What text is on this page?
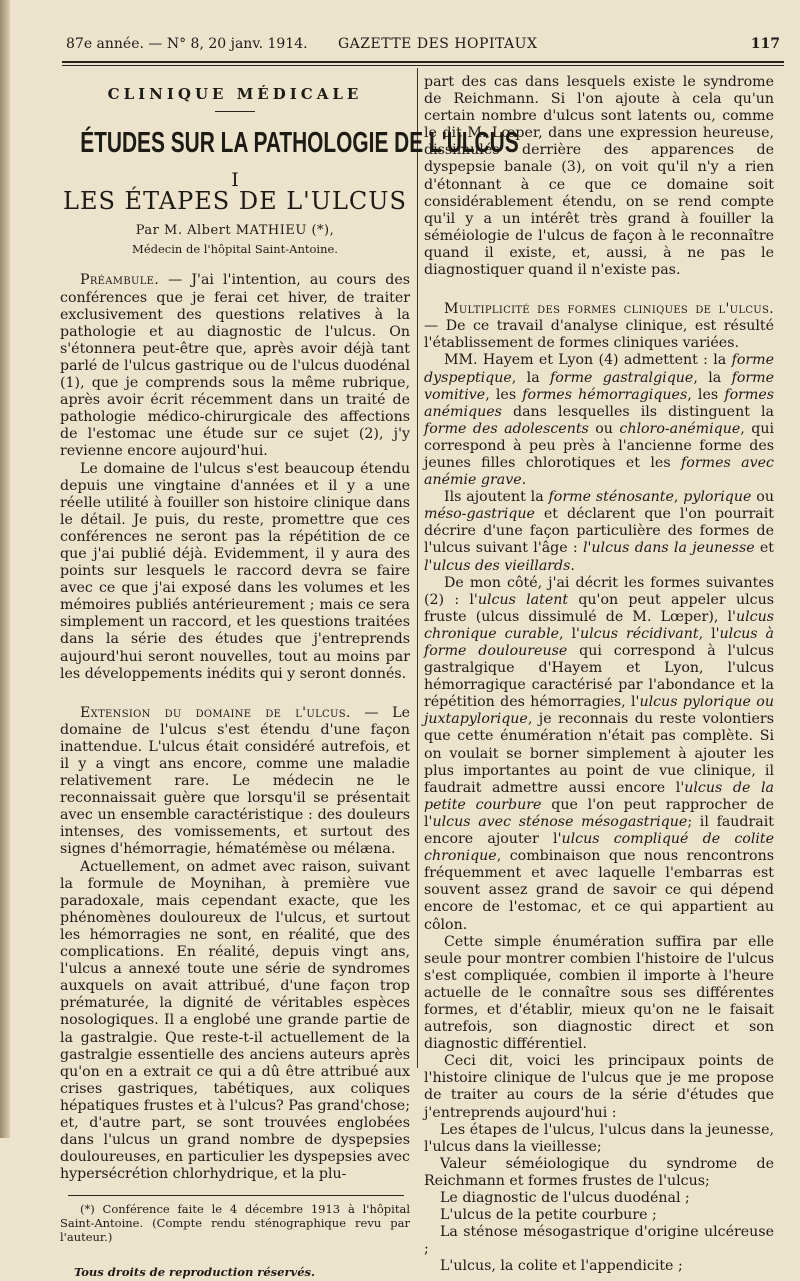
87e année. — N° 8, 20 janv. 1914. GAZETTE DES HOPITAUX	117
CLINIQUE MÉDICALE
ÉTUDES SUR LA PATHOLOGIE DE L'ULCUS
I
LES ÉTAPES DE L'ULCUS
Par M. Albert MATHIEU (*),
Médecin de l'hôpital Saint-Antoine.

Préambule. — J'ai l'intention, au cours des conférences que je ferai cet hiver, de traiter exclusivement des questions relatives à la pathologie et au diagnostic de l'ulcus. On s'étonnera peut-être que, après avoir déjà tant parlé de l'ulcus gastrique ou de l'ulcus duodénal (1), que je comprends sous la même rubrique, après avoir écrit récemment dans un traité de pathologie médico-chirurgicale des affections de l'estomac une étude sur ce sujet (2), j'y revienne encore aujourd'hui.

Le domaine de l'ulcus s'est beaucoup étendu depuis une vingtaine d'années et il y a une réelle utilité à fouiller son histoire clinique dans le détail. Je puis, du reste, promettre que ces conférences ne seront pas la répétition de ce que j'ai publié déjà. Evidemment, il y aura des points sur lesquels le raccord devra se faire avec ce que j'ai exposé dans les volumes et les mémoires publiés antérieurement ; mais ce sera simplement un raccord, et les questions traitées dans la série des études que j'entreprends aujourd'hui seront nouvelles, tout au moins par les développements inédits qui y seront donnés.

Extension du domaine de l'ulcus. — Le domaine de l'ulcus s'est étendu d'une façon inattendue. L'ulcus était considéré autrefois, et il y a vingt ans encore, comme une maladie relativement rare. Le médecin ne le reconnaissait guère que lorsqu'il se présentait avec un ensemble caractéristique : des douleurs intenses, des vomissements, et surtout des signes d'hémorragie, hématémèse ou mélæna.

Actuellement, on admet avec raison, suivant la formule de Moynihan, à première vue paradoxale, mais cependant exacte, que les phénomènes douloureux de l'ulcus, et surtout les hémorragies ne sont, en réalité, que des complications. En réalité, depuis vingt ans, l'ulcus a annexé toute une série de syndromes auxquels on avait attribué, d'une façon trop prématurée, la dignité de véritables espèces nosologiques. Il a englobé une grande partie de la gastralgie. Que reste-t-il actuellement de la gastralgie essentielle des anciens auteurs après qu'on en a extrait ce qui a dû être attribué aux crises gastriques, tabétiques, aux coliques hépatiques frustes et à l'ulcus? Pas grand'chose; et, d'autre part, se sont trouvées englobées dans l'ulcus un grand nombre de dyspepsies douloureuses, en particulier les dyspepsies avec hypersécrétion chlorhydrique, et la plu-

(*) Conférence faite le 4 décembre 1913 à l'hôpital Saint-Antoine. (Compte rendu sténographique revu par l'auteur.)

Tous droits de reproduction réservés.

part des cas dans lesquels existe le syndrome de Reichmann. Si l'on ajoute à cela qu'un certain nombre d'ulcus sont latents ou, comme le dit M. Lœper, dans une expression heureuse, dissimulés derrière des apparences de dyspepsie banale (3), on voit qu'il n'y a rien d'étonnant à ce que ce domaine soit considérablement étendu, on se rend compte qu'il y a un intérêt très grand à fouiller la séméiologie de l'ulcus de façon à le reconnaître quand il existe, et, aussi, à ne pas le diagnostiquer quand il n'existe pas.

Multiplicité des formes cliniques de l'ulcus. — De ce travail d'analyse clinique, est résulté l'établissement de formes cliniques variées.

MM. Hayem et Lyon (4) admettent : la forme dyspeptique, la forme gastralgique, la forme vomitive, les formes hémorragiques, les formes anémiques dans lesquelles ils distinguent la forme des adolescents ou chloro-anémique, qui correspond à peu près à l'ancienne forme des jeunes filles chlorotiques et les formes avec anémie grave.

Ils ajoutent la forme sténosante, pylorique ou méso-gastrique et déclarent que l'on pourrait décrire d'une façon particulière des formes de l'ulcus suivant l'âge : l'ulcus dans la jeunesse et l'ulcus des vieillards.

De mon côté, j'ai décrit les formes suivantes (2) : l'ulcus latent qu'on peut appeler ulcus fruste (ulcus dissimulé de M. Lœper), l'ulcus chronique curable, l'ulcus récidivant, l'ulcus à forme douloureuse qui correspond à l'ulcus gastralgique d'Hayem et Lyon, l'ulcus hémorragique caractérisé par l'abondance et la répétition des hémorragies, l'ulcus pylorique ou juxtapylorique, je reconnais du reste volontiers que cette énumération n'était pas complète. Si on voulait se borner simplement à ajouter les plus importantes au point de vue clinique, il faudrait admettre aussi encore l'ulcus de la petite courbure que l'on peut rapprocher de l'ulcus avec sténose mésogastrique; il faudrait encore ajouter l'ulcus compliqué de colite chronique, combinaison que nous rencontrons fréquemment et avec laquelle l'embarras est souvent assez grand de savoir ce qui dépend encore de l'estomac, et ce qui appartient au côlon.

Cette simple énumération suffira par elle seule pour montrer combien l'histoire de l'ulcus s'est compliquée, combien il importe à l'heure actuelle de le connaître sous ses différentes formes, et d'établir, mieux qu'on ne le faisait autrefois, son diagnostic direct et son diagnostic différentiel.

Ceci dit, voici les principaux points de l'histoire clinique de l'ulcus que je me propose de traiter au cours de la série d'études que j'entreprends aujourd'hui :

Les étapes de l'ulcus, l'ulcus dans la jeunesse, l'ulcus dans la vieillesse;

Valeur séméiologique du syndrome de Reichmann et formes frustes de l'ulcus;

Le diagnostic de l'ulcus duodénal ;

L'ulcus de la petite courbure ;

La sténose mésogastrique d'origine ulcéreuse ;

L'ulcus, la colite et l'appendicite ;
